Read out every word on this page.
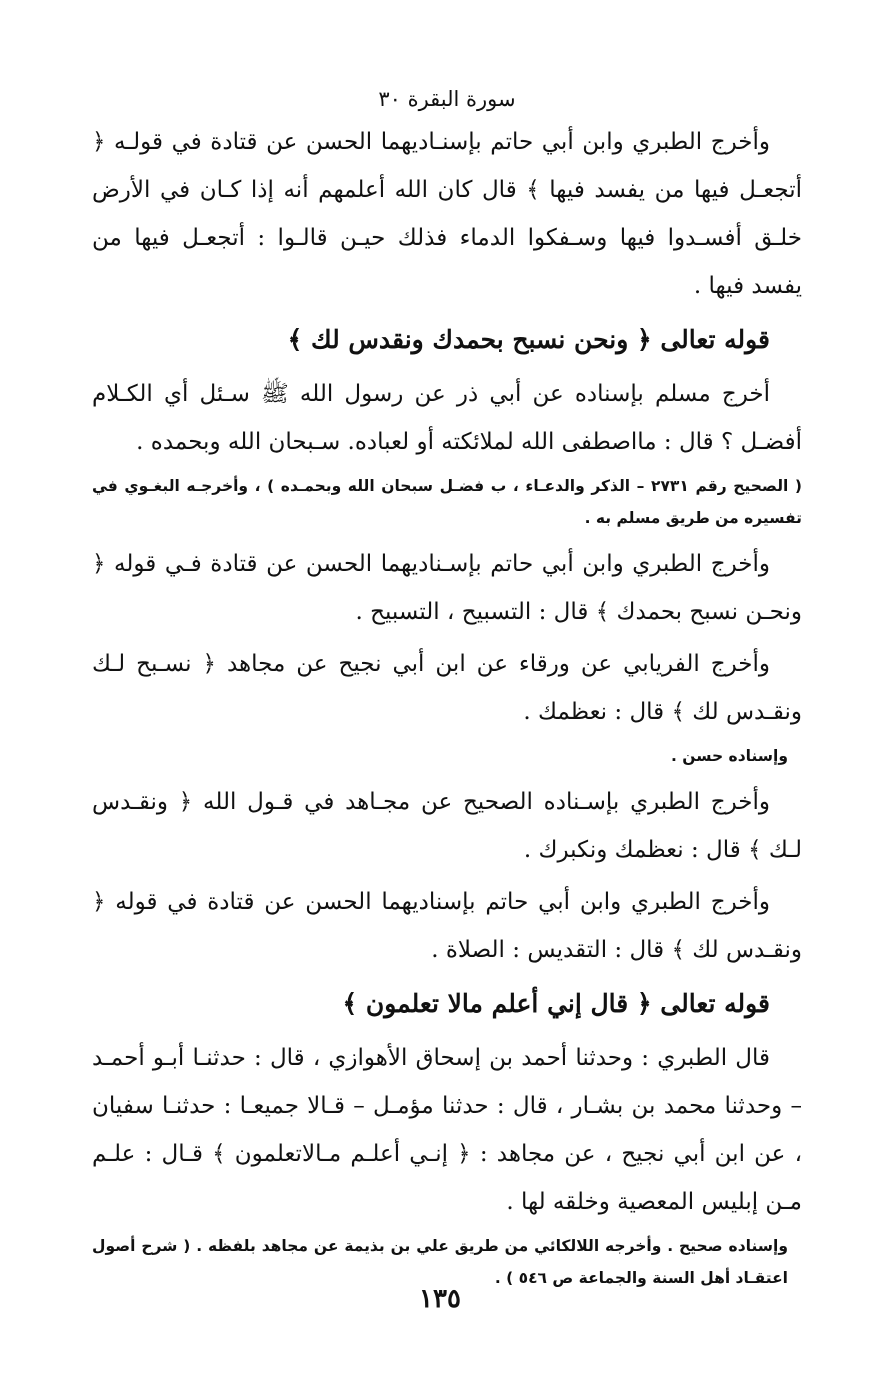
سورة البقرة ٣٠

وأخرج الطبري وابن أبي حاتم بإسنـاديهما الحسن عن قتادة في قولـه ﴿ أتجعـل فيها من يفسد فيها ﴾ قال كان الله أعلمهم أنه إذا كـان في الأرض خلـق أفسـدوا فيها وسـفكوا الدماء فذلك حيـن قالـوا : أتجعـل فيها من يفسد فيها .

قوله تعالى ﴿ ونحن نسبح بحمدك ونقدس لك ﴾

أخرج مسلم بإسناده عن أبي ذر عن رسول الله ﷺ سـئل أي الكـلام أفضـل ؟ قال : مااصطفى الله لملائكته أو لعباده. سـبحان الله وبحمده .

( الصحيح رقم ٢٧٣١ – الذكر والدعـاء ، ب فضـل سبحان الله وبحمـده ) ، وأخرجـه البغـوي في تفسيره من طريق مسلم به .

وأخرج الطبري وابن أبي حاتم بإسـناديهما الحسن عن قتادة فـي قوله ﴿ ونحـن نسبح بحمدك ﴾ قال : التسبيح ، التسبيح .

وأخرج الفريابي عن ورقاء عن ابن أبي نجيح عن مجاهد ﴿ نسـبح لـك ونقـدس لك ﴾ قال : نعظمك .

وإسناده حسن .

وأخرج الطبري بإسـناده الصحيح عن مجـاهد في قـول الله ﴿ ونقـدس لـك ﴾ قال : نعظمك ونكبرك .

وأخرج الطبري وابن أبي حاتم بإسناديهما الحسن عن قتادة في قوله ﴿ ونقـدس لك ﴾ قال : التقديس : الصلاة .

قوله تعالى ﴿ قال إني أعلم مالا تعلمون ﴾

قال الطبري : وحدثنا أحمد بن إسحاق الأهوازي ، قال : حدثنـا أبـو أحمـد – وحدثنا محمد بن بشـار ، قال : حدثنا مؤمـل – قـالا جميعـا : حدثنـا سفيان ، عن ابن أبي نجيح ، عن مجاهد : ﴿ إنـي أعلـم مـالاتعلمون ﴾ قـال : علـم مـن إبليس المعصية وخلقه لها .

وإسناده صحيح . وأخرجه اللالكائي من طريق علي بن بذيمة عن مجاهد بلفظه . ( شرح أصول اعتقـاد أهل السنة والجماعة ص ٥٤٦ ) .

١٣٥
